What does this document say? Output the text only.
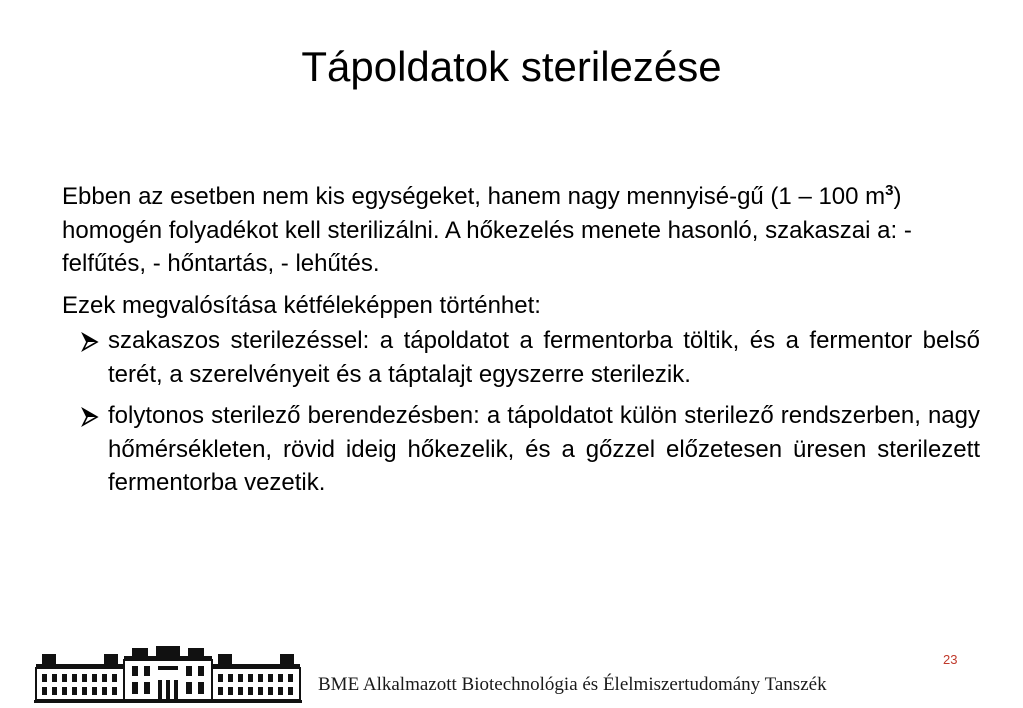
Tápoldatok sterilezése

Ebben az esetben nem kis egységeket, hanem nagy mennyisé-gű (1 – 100 $m^3$) homogén folyadékot kell sterilizálni. A hőkezelés menete hasonló, szakaszai a: - felfűtés, - hőntartás, - lehűtés.

Ezek megvalósítása kétféleképpen történhet:

szakaszos sterilezéssel: a tápoldatot a fermentorba töltik, és a fermentor belső terét, a szerelvényeit és a táptalajt egyszerre sterilezik.
folytonos sterilező berendezésben: a tápoldatot külön sterilező rendszerben, nagy hőmérsékleten, rövid ideig hőkezelik, és a gőzzel előzetesen üresen sterilezett fermentorba vezetik.
BME Alkalmazott Biotechnológia és Élelmiszertudomány Tanszék
23
